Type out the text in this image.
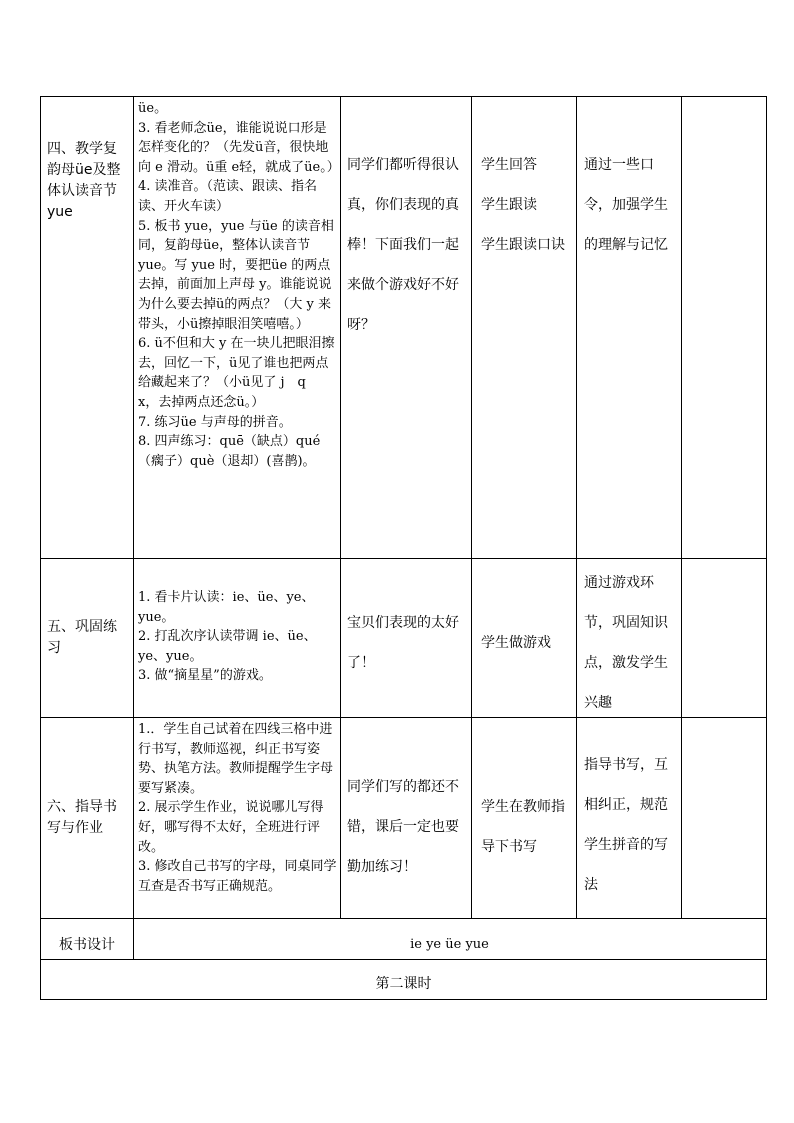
四、教学复韵母üe及整体认读音节 yue

üe。

3. 看老师念üe，谁能说说口形是怎样变化的？（先发ü音，很快地向 e 滑动。ü重 e轻，就成了üe。）

4. 读准音。（范读、跟读、指名读、开火车读）

5. 板书 yue，yue 与üe 的读音相同，复韵母üe，整体认读音节 yue。写 yue 时，要把üe 的两点去掉，前面加上声母 y。谁能说说为什么要去掉ü的两点？（大 y 来带头，小ü擦掉眼泪笑嘻嘻。）

6. ü不但和大 y 在一块儿把眼泪擦去，回忆一下，ü见了谁也把两点给藏起来了？（小ü见了 j　q　x，去掉两点还念ü。）

7. 练习üe 与声母的拼音。

8. 四声练习：quē（缺点）qué（瘸子）què（退却）(喜鹊)。

同学们都听得很认真，你们表现的真棒！下面我们一起来做个游戏好不好呀？

学生回答

学生跟读

学生跟读口诀

通过一些口令，加强学生的理解与记忆

五、巩固练习

1. 看卡片认读：ie、üe、ye、yue。

2. 打乱次序认读带调 ie、üe、ye、yue。

3. 做“摘星星”的游戏。

宝贝们表现的太好了！

学生做游戏

通过游戏环节，巩固知识点，激发学生兴趣

六、指导书写与作业

1.．学生自己试着在四线三格中进行书写，教师巡视，纠正书写姿势、执笔方法。教师提醒学生字母要写紧凑。

2. 展示学生作业，说说哪儿写得好，哪写得不太好，全班进行评改。

3. 修改自己书写的字母，同桌同学互查是否书写正确规范。

同学们写的都还不错，课后一定也要勤加练习！

学生在教师指导下书写

指导书写，互相纠正，规范学生拼音的写法

板书设计	ie ye üe yue
第二课时
